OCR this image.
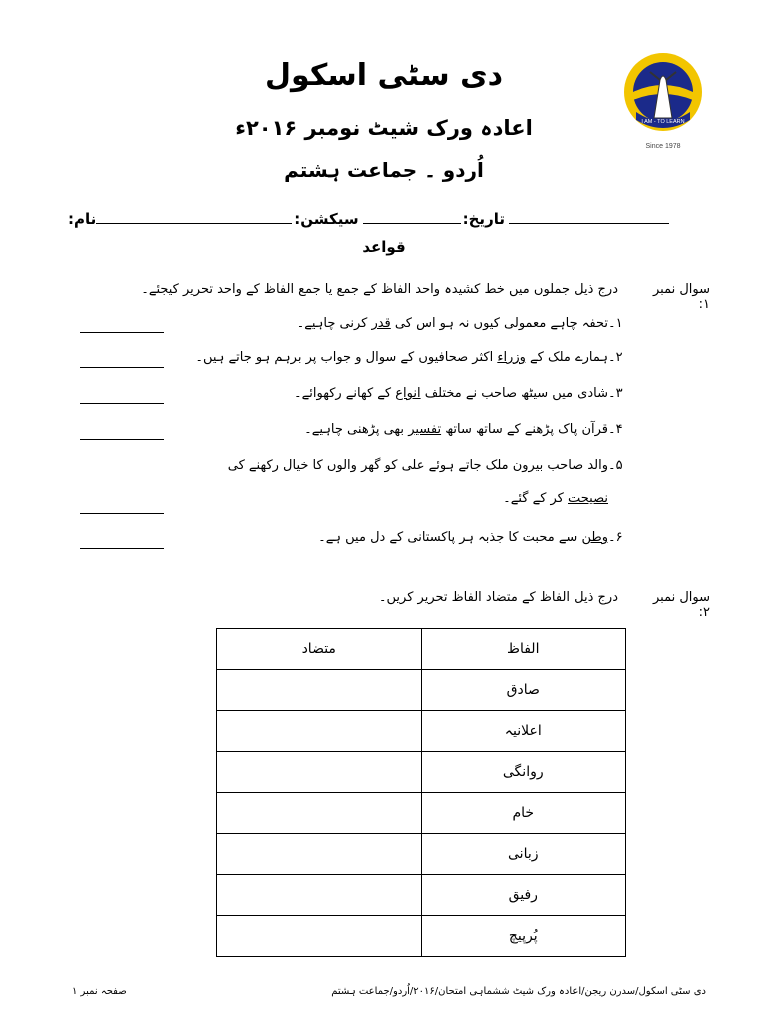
دی سٹی اسکول
اعادہ ورک شیٹ نومبر ۲۰۱۶ء
اُردو ۔ جماعت ہشتم
I AM - TO LEARN
Since 1978
نام:	سیکشن:	تاریخ:
قواعد
سوال نمبر ۱:
درج ذیل جملوں میں خط کشیدہ واحد الفاظ کے جمع یا جمع الفاظ کے واحد تحریر کیجئے۔
۱۔تحفہ چاہے معمولی کیوں نہ ہو اس کی قدر کرنی چاہیے۔
۲۔ہمارے ملک کے وزراء اکثر صحافیوں کے سوال و جواب پر برہم ہو جاتے ہیں۔
۳۔شادی میں سیٹھ صاحب نے مختلف انواع کے کھانے رکھوائے۔
۴۔قرآن پاک پڑھنے کے ساتھ ساتھ تفسیر بھی پڑھنی چاہیے۔
۵۔والد صاحب بیرون ملک جاتے ہوئے علی کو گھر والوں کا خیال رکھنے کی
نصیحت کر کے گئے۔
۶۔وطن سے محبت کا جذبہ ہر پاکستانی کے دل میں ہے۔
سوال نمبر ۲:
درج ذیل الفاظ کے متضاد الفاظ تحریر کریں۔
الفاظ	متضاد
صادق	
اعلانیہ	
روانگی	
خام	
زبانی	
رفیق	
پُرپیچ	
صفحہ نمبر ۱	دی سٹی اسکول/سدرن ریجن/اعادہ ورک شیٹ ششماہی امتحان/۲۰۱۶/اُردو/جماعت ہشتم
